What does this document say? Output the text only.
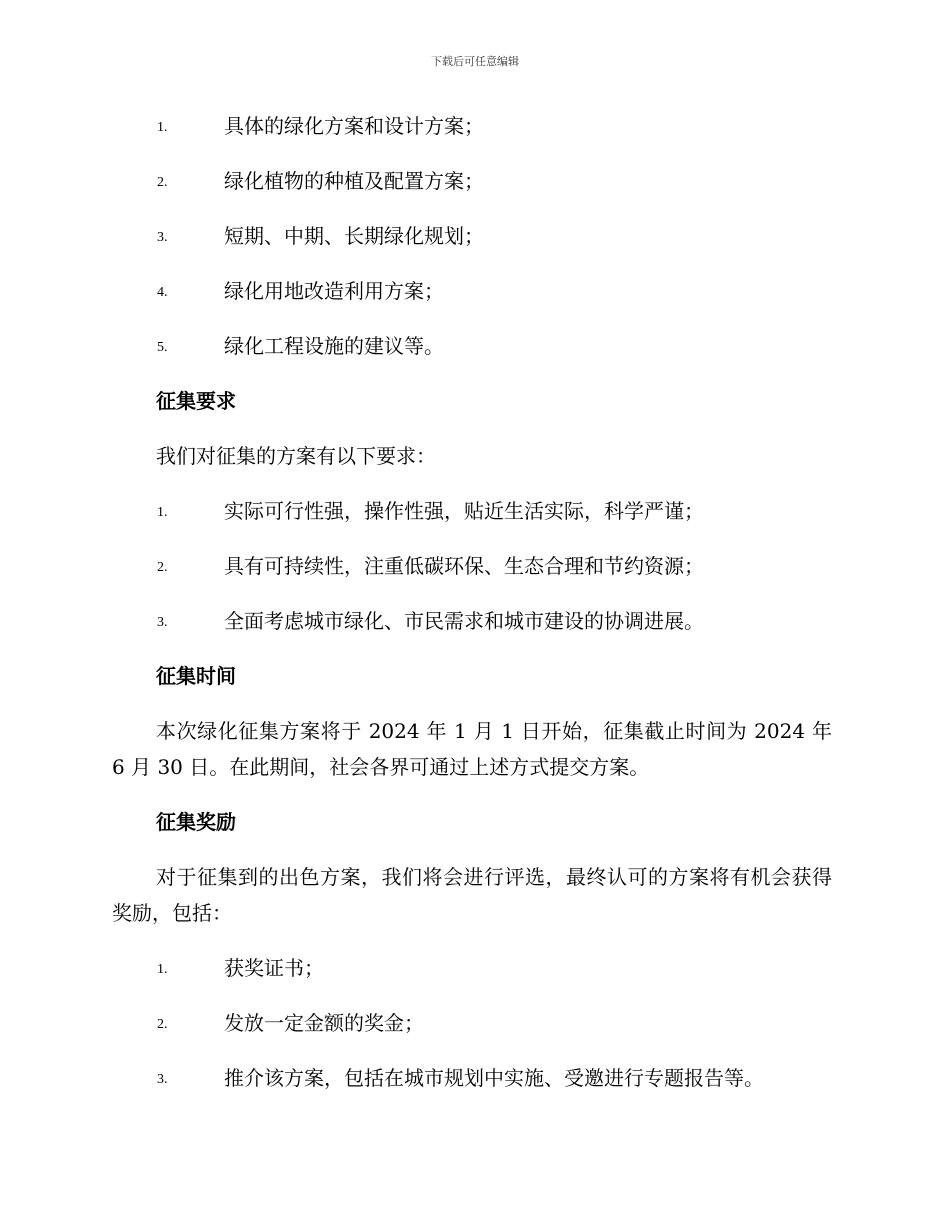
下载后可任意编辑
1.	具体的绿化方案和设计方案；
2.	绿化植物的种植及配置方案；
3.	短期、中期、长期绿化规划；
4.	绿化用地改造利用方案；
5.	绿化工程设施的建议等。
征集要求
我们对征集的方案有以下要求：
1.	实际可行性强，操作性强，贴近生活实际，科学严谨；
2.	具有可持续性，注重低碳环保、生态合理和节约资源；
3.	全面考虑城市绿化、市民需求和城市建设的协调进展。
征集时间

本次绿化征集方案将于 2024 年 1 月 1 日开始，征集截止时间为 2024 年 6 月 30 日。在此期间，社会各界可通过上述方式提交方案。

征集奖励

对于征集到的出色方案，我们将会进行评选，最终认可的方案将有机会获得奖励，包括：

1.	获奖证书；
2.	发放一定金额的奖金；
3.	推介该方案，包括在城市规划中实施、受邀进行专题报告等。
